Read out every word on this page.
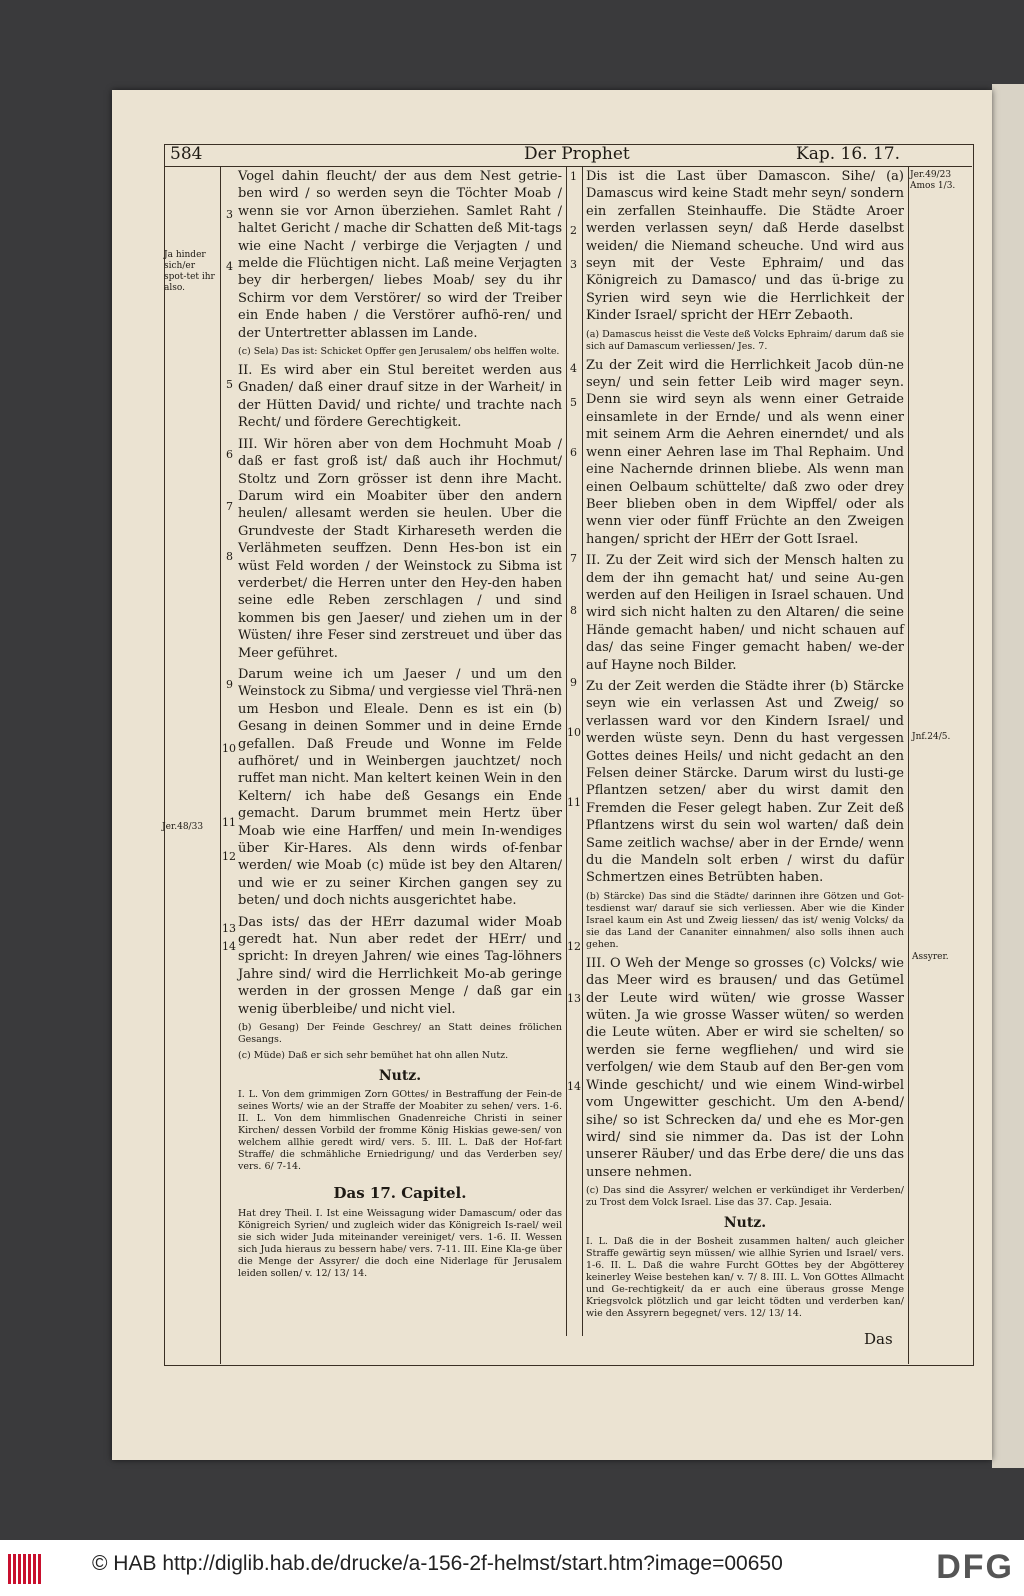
584	Der Prophet	Kap. 16. 17.
Ja hinder sich/er spot-tet ihr also.
Jer.48/33
Jer.49/23 Amos 1/3.
Jnf.24/5.
Assyrer.
3
4
5
6
7
8
9
10
11
12
13
14
1
2
3
4
5
6
7
8
9
10
11
12
13
14

Vogel dahin fleucht/ der aus dem Nest getrie-ben wird / so werden seyn die Töchter Moab / wenn sie vor Arnon überziehen. Samlet Raht / haltet Gericht / mache dir Schatten deß Mit-tags wie eine Nacht / verbirge die Verjagten / und melde die Flüchtigen nicht. Laß meine Verjagten bey dir herbergen/ liebes Moab/ sey du ihr Schirm vor dem Verstörer/ so wird der Treiber ein Ende haben / die Verstörer aufhö-ren/ und der Untertretter ablassen im Lande.

(c) Sela) Das ist: Schicket Opffer gen Jerusalem/ obs helffen wolte.

II. Es wird aber ein Stul bereitet werden aus Gnaden/ daß einer drauf sitze in der Warheit/ in der Hütten David/ und richte/ und trachte nach Recht/ und fördere Gerechtigkeit.

III. Wir hören aber von dem Hochmuht Moab / daß er fast groß ist/ daß auch ihr Hochmut/ Stoltz und Zorn grösser ist denn ihre Macht. Darum wird ein Moabiter über den andern heulen/ allesamt werden sie heulen. Uber die Grundveste der Stadt Kirhareseth werden die Verlähmeten seuffzen. Denn Hes-bon ist ein wüst Feld worden / der Weinstock zu Sibma ist verderbet/ die Herren unter den Hey-den haben seine edle Reben zerschlagen / und sind kommen bis gen Jaeser/ und ziehen um in der Wüsten/ ihre Feser sind zerstreuet und über das Meer geführet.

Darum weine ich um Jaeser / und um den Weinstock zu Sibma/ und vergiesse viel Thrä-nen um Hesbon und Eleale. Denn es ist ein (b) Gesang in deinen Sommer und in deine Ernde gefallen. Daß Freude und Wonne im Felde aufhöret/ und in Weinbergen jauchtzet/ noch ruffet man nicht. Man keltert keinen Wein in den Keltern/ ich habe deß Gesangs ein Ende gemacht. Darum brummet mein Hertz über Moab wie eine Harffen/ und mein In-wendiges über Kir-Hares. Als denn wirds of-fenbar werden/ wie Moab (c) müde ist bey den Altaren/ und wie er zu seiner Kirchen gangen sey zu beten/ und doch nichts ausgerichtet habe.

Das ists/ das der HErr dazumal wider Moab geredt hat. Nun aber redet der HErr/ und spricht: In dreyen Jahren/ wie eines Tag-löhners Jahre sind/ wird die Herrlichkeit Mo-ab geringe werden in der grossen Menge / daß gar ein wenig überbleibe/ und nicht viel.

(b) Gesang) Der Feinde Geschrey/ an Statt deines frölichen Gesangs.

(c) Müde) Daß er sich sehr bemühet hat ohn allen Nutz.

Nutz.

I. L. Von dem grimmigen Zorn GOttes/ in Bestraffung der Fein-de seines Worts/ wie an der Straffe der Moabiter zu sehen/ vers. 1-6. II. L. Von dem himmlischen Gnadenreiche Christi in seiner Kirchen/ dessen Vorbild der fromme König Hiskias gewe-sen/ von welchem allhie geredt wird/ vers. 5. III. L. Daß der Hof-fart Straffe/ die schmähliche Erniedrigung/ und das Verderben sey/ vers. 6/ 7-14.

Das 17. Capitel.

Hat drey Theil. I. Ist eine Weissagung wider Damascum/ oder das Königreich Syrien/ und zugleich wider das Königreich Is-rael/ weil sie sich wider Juda miteinander vereiniget/ vers. 1-6. II. Wessen sich Juda hieraus zu bessern habe/ vers. 7-11. III. Eine Kla-ge über die Menge der Assyrer/ die doch eine Niderlage für Jerusalem leiden sollen/ v. 12/ 13/ 14.

Dis ist die Last über Damascon. Sihe/ (a) Damascus wird keine Stadt mehr seyn/ sondern ein zerfallen Steinhauffe. Die Städte Aroer werden verlassen seyn/ daß Herde daselbst weiden/ die Niemand scheuche. Und wird aus seyn mit der Veste Ephraim/ und das Königreich zu Damasco/ und das ü-brige zu Syrien wird seyn wie die Herrlichkeit der Kinder Israel/ spricht der HErr Zebaoth.

(a) Damascus heisst die Veste deß Volcks Ephraim/ darum daß sie sich auf Damascum verliessen/ Jes. 7.

Zu der Zeit wird die Herrlichkeit Jacob dün-ne seyn/ und sein fetter Leib wird mager seyn. Denn sie wird seyn als wenn einer Getraide einsamlete in der Ernde/ und als wenn einer mit seinem Arm die Aehren einerndet/ und als wenn einer Aehren lase im Thal Rephaim. Und eine Nachernde drinnen bliebe. Als wenn man einen Oelbaum schüttelte/ daß zwo oder drey Beer blieben oben in dem Wipffel/ oder als wenn vier oder fünff Früchte an den Zweigen hangen/ spricht der HErr der Gott Israel.

II. Zu der Zeit wird sich der Mensch halten zu dem der ihn gemacht hat/ und seine Au-gen werden auf den Heiligen in Israel schauen. Und wird sich nicht halten zu den Altaren/ die seine Hände gemacht haben/ und nicht schauen auf das/ das seine Finger gemacht haben/ we-der auf Hayne noch Bilder.

Zu der Zeit werden die Städte ihrer (b) Stärcke seyn wie ein verlassen Ast und Zweig/ so verlassen ward vor den Kindern Israel/ und werden wüste seyn. Denn du hast vergessen Gottes deines Heils/ und nicht gedacht an den Felsen deiner Stärcke. Darum wirst du lusti-ge Pflantzen setzen/ aber du wirst damit den Fremden die Feser gelegt haben. Zur Zeit deß Pflantzens wirst du sein wol warten/ daß dein Same zeitlich wachse/ aber in der Ernde/ wenn du die Mandeln solt erben / wirst du dafür Schmertzen eines Betrübten haben.

(b) Stärcke) Das sind die Städte/ darinnen ihre Götzen und Got-tesdienst war/ darauf sie sich verliessen. Aber wie die Kinder Israel kaum ein Ast und Zweig liessen/ das ist/ wenig Volcks/ da sie das Land der Cananiter einnahmen/ also solls ihnen auch gehen.

III. O Weh der Menge so grosses (c) Volcks/ wie das Meer wird es brausen/ und das Getümel der Leute wird wüten/ wie grosse Wasser wüten. Ja wie grosse Wasser wüten/ so werden die Leute wüten. Aber er wird sie schelten/ so werden sie ferne wegfliehen/ und wird sie verfolgen/ wie dem Staub auf den Ber-gen vom Winde geschicht/ und wie einem Wind-wirbel vom Ungewitter geschicht. Um den A-bend/ sihe/ so ist Schrecken da/ und ehe es Mor-gen wird/ sind sie nimmer da. Das ist der Lohn unserer Räuber/ und das Erbe dere/ die uns das unsere nehmen.

(c) Das sind die Assyrer/ welchen er verkündiget ihr Verderben/ zu Trost dem Volck Israel. Lise das 37. Cap. Jesaia.

Nutz.

I. L. Daß die in der Bosheit zusammen halten/ auch gleicher Straffe gewärtig seyn müssen/ wie allhie Syrien und Israel/ vers. 1-6. II. L. Daß die wahre Furcht GOttes bey der Abgötterey keinerley Weise bestehen kan/ v. 7/ 8. III. L. Von GOttes Allmacht und Ge-rechtigkeit/ da er auch eine überaus grosse Menge Kriegsvolck plötzlich und gar leicht tödten und verderben kan/ wie den Assyrern begegnet/ vers. 12/ 13/ 14.

Das
© HAB http://diglib.hab.de/drucke/a-156-2f-helmst/start.htm?image=00650	DFG
